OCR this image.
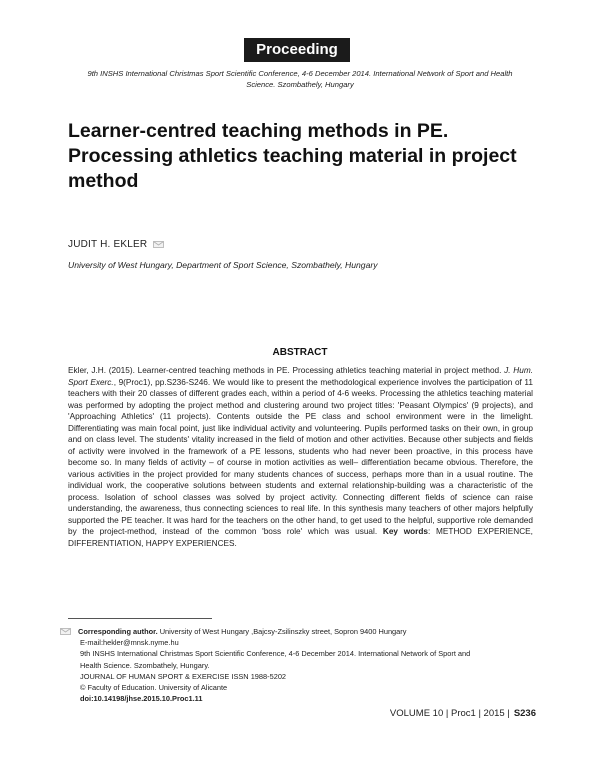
Proceeding
9th INSHS International Christmas Sport Scientific Conference, 4-6 December 2014. International Network of Sport and Health
Science. Szombathely, Hungary
Learner-centred teaching methods in PE.
Processing athletics teaching material in project
method
JUDIT H. EKLER
University of West Hungary, Department of Sport Science, Szombathely, Hungary
ABSTRACT

Ekler, J.H. (2015). Learner-centred teaching methods in PE. Processing athletics teaching material in project method. J. Hum. Sport Exerc., 9(Proc1), pp.S236-S246. We would like to present the methodological experience involves the participation of 11 teachers with their 20 classes of different grades each, within a period of 4-6 weeks. Processing the athletics teaching material was performed by adopting the project method and clustering around two project titles: 'Peasant Olympics' (9 projects), and 'Approaching Athletics' (11 projects). Contents outside the PE class and school environment were in the limelight. Differentiating was main focal point, just like individual activity and volunteering. Pupils performed tasks on their own, in group and on class level. The students' vitality increased in the field of motion and other activities. Because other subjects and fields of activity were involved in the framework of a PE lessons, students who had never been proactive, in this process have become so. In many fields of activity – of course in motion activities as well– differentiation became obvious. Therefore, the various activities in the project provided for many students chances of success, perhaps more than in a usual routine. The individual work, the cooperative solutions between students and external relationship-building was a characteristic of the process. Isolation of school classes was solved by project activity. Connecting different fields of science can raise understanding, the awareness, thus connecting sciences to real life. In this synthesis many teachers of other majors helpfully supported the PE teacher. It was hard for the teachers on the other hand, to get used to the helpful, supportive role demanded by the project-method, instead of the common 'boss role' which was usual. Key words: METHOD EXPERIENCE, DIFFERENTIATION, HAPPY EXPERIENCES.

Corresponding author. University of West Hungary ,Bajcsy-Zsilinszky street, Sopron 9400 Hungary
E-mail:hekler@mnsk.nyme.hu
9th INSHS International Christmas Sport Scientific Conference, 4-6 December 2014. International Network of Sport and
Health Science. Szombathely, Hungary.
JOURNAL OF HUMAN SPORT & EXERCISE ISSN 1988-5202
© Faculty of Education. University of Alicante
doi:10.14198/jhse.2015.10.Proc1.11
VOLUME 10 | Proc1 | 2015 | S236
